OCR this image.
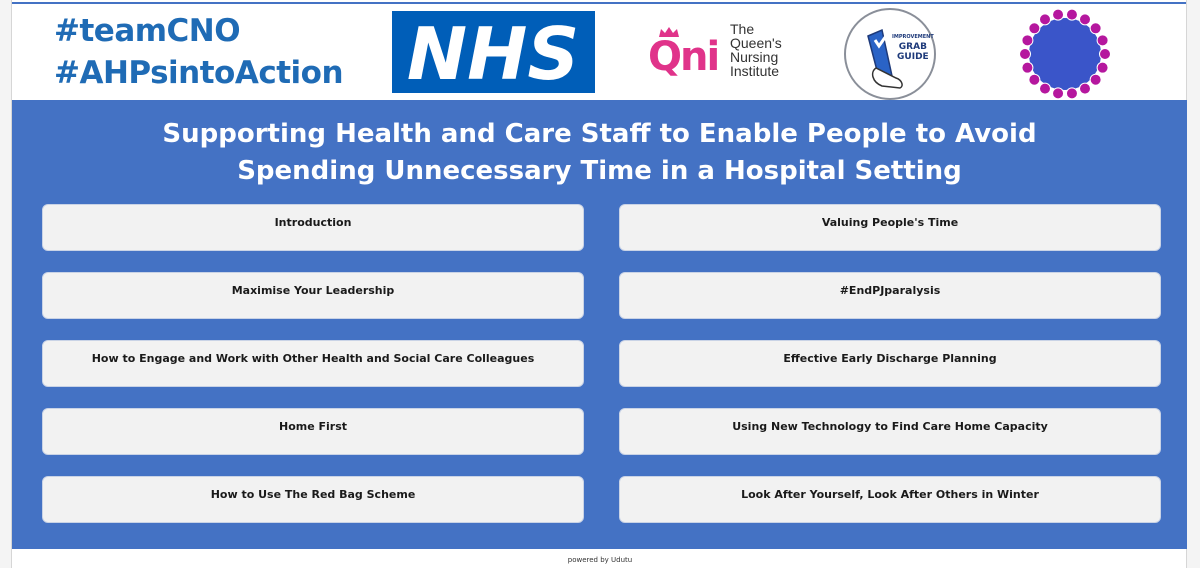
#teamCNO
#AHPsintoAction NHS Qni
The
Queen's
Nursing
Institute
IMPROVEMENT
GRAB
GUIDE
Supporting Health and Care Staff to Enable People to Avoid
Spending Unnecessary Time in a Hospital Setting
Introduction
Maximise Your Leadership
How to Engage and Work with Other Health and Social Care Colleagues
Home First
How to Use The Red Bag Scheme
Valuing People's Time
#EndPJparalysis
Effective Early Discharge Planning
Using New Technology to Find Care Home Capacity
Look After Yourself, Look After Others in Winter
powered by Udutu
